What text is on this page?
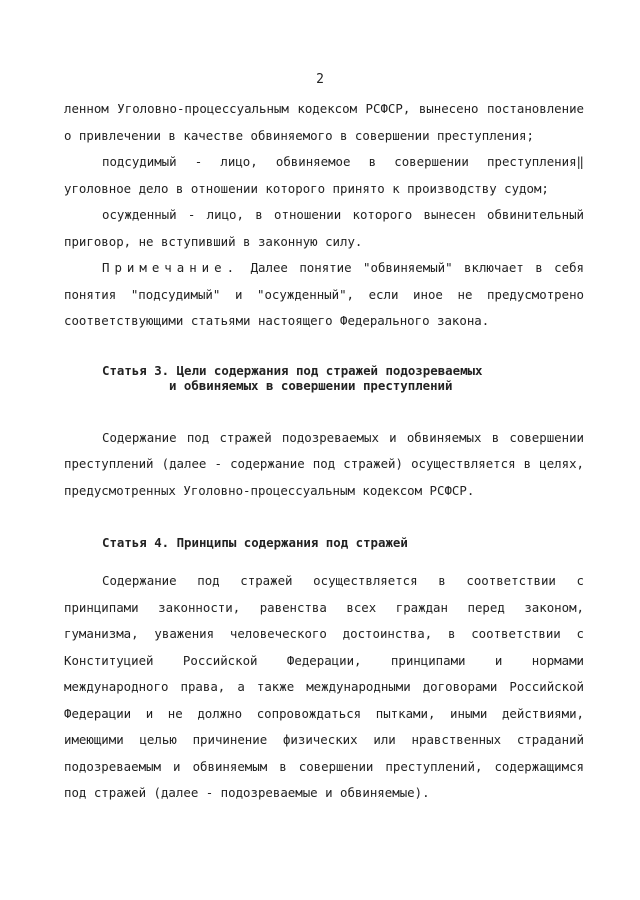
2

ленном Уголовно-процессуальным кодексом РСФСР, вынесено постановление о привлечении в качестве обвиняемого в совершении преступления;

подсудимый - лицо, обвиняемое в совершении преступления‖ уголовное дело в отношении которого принято к производству судом;

осужденный - лицо, в отношении которого вынесен обвинительный приговор, не вступивший в законную силу.

Примечание. Далее понятие "обвиняемый" включает в себя понятия "подсудимый" и "осужденный", если иное не предусмотрено соответствующими статьями настоящего Федерального закона.

Статья 3. Цели содержания под стражей подозреваемых
и обвиняемых в совершении преступлений

Содержание под стражей подозреваемых и обвиняемых в совершении преступлений (далее - содержание под стражей) осуществляется в целях, предусмотренных Уголовно-процессуальным кодексом РСФСР.

Статья 4. Принципы содержания под стражей

Содержание под стражей осуществляется в соответствии с принципами законности, равенства всех граждан перед законом, гуманизма, уважения человеческого достоинства, в соответствии с Конституцией Российской Федерации, принципами и нормами международного права, а также международными договорами Российской Федерации и не должно сопровождаться пытками, иными действиями, имеющими целью причинение физических или нравственных страданий подозреваемым и обвиняемым в совершении преступлений, содержащимся под стражей (далее - подозреваемые и обвиняемые).
